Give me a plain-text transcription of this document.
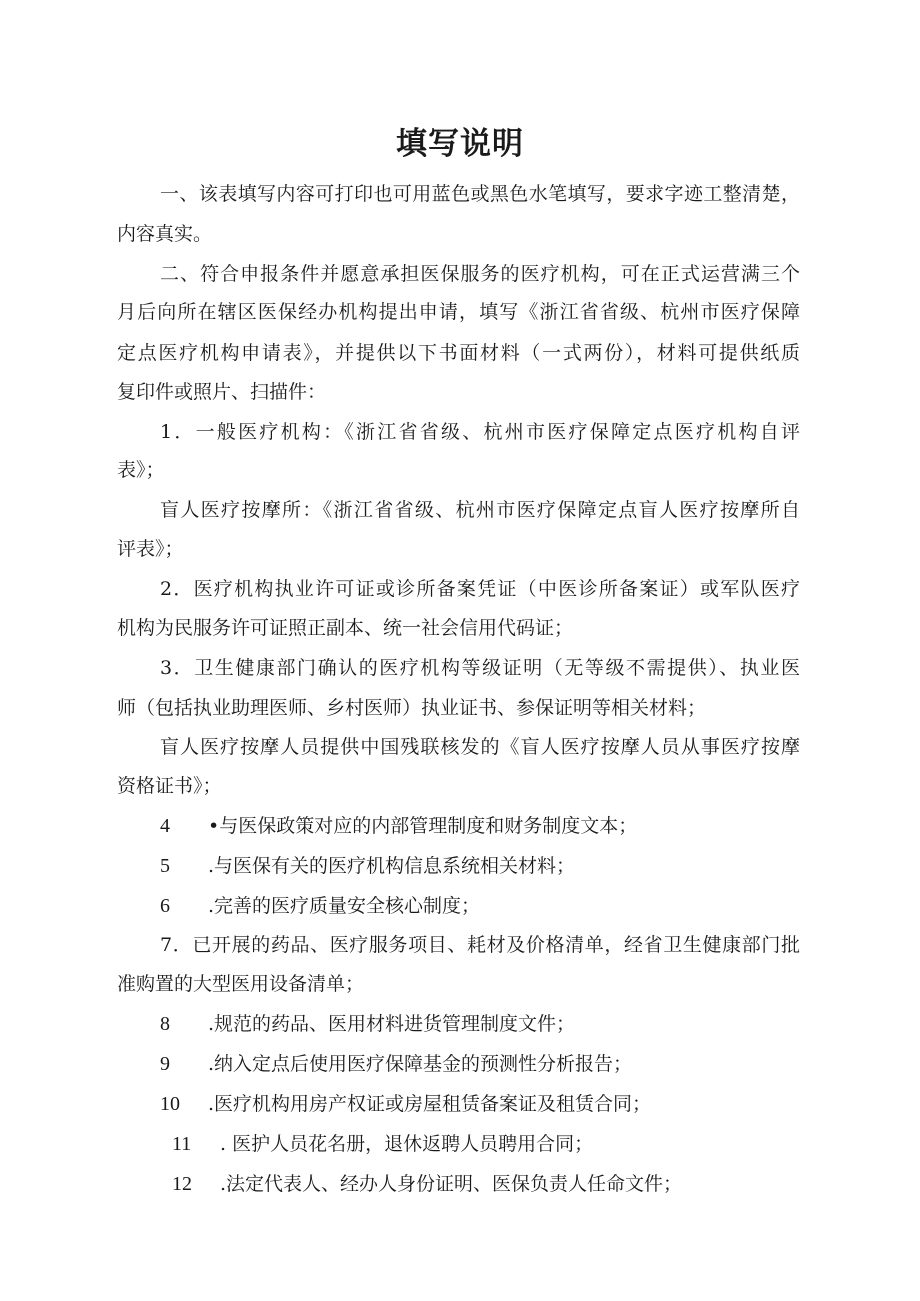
填写说明

一、该表填写内容可打印也可用蓝色或黑色水笔填写，要求字迹工整清楚，

内容真实。

二、符合申报条件并愿意承担医保服务的医疗机构，可在正式运营满三个

月后向所在辖区医保经办机构提出申请，填写《浙江省省级、杭州市医疗保障

定点医疗机构申请表》，并提供以下书面材料（一式两份），材料可提供纸质

复印件或照片、扫描件：

1．一般医疗机构：《浙江省省级、杭州市医疗保障定点医疗机构自评

表》；

盲人医疗按摩所：《浙江省省级、杭州市医疗保障定点盲人医疗按摩所自

评表》；

2．医疗机构执业许可证或诊所备案凭证（中医诊所备案证）或军队医疗

机构为民服务许可证照正副本、统一社会信用代码证；

3．卫生健康部门确认的医疗机构等级证明（无等级不需提供）、执业医

师（包括执业助理医师、乡村医师）执业证书、参保证明等相关材料；

盲人医疗按摩人员提供中国残联核发的《盲人医疗按摩人员从事医疗按摩

资格证书》；

4 •与医保政策对应的内部管理制度和财务制度文本；

5 .与医保有关的医疗机构信息系统相关材料；

6 .完善的医疗质量安全核心制度；

7．已开展的药品、医疗服务项目、耗材及价格清单，经省卫生健康部门批

准购置的大型医用设备清单；

8 .规范的药品、医用材料进货管理制度文件；

9 .纳入定点后使用医疗保障基金的预测性分析报告；

10 .医疗机构用房产权证或房屋租赁备案证及租赁合同；

11 . 医护人员花名册，退休返聘人员聘用合同；

12 .法定代表人、经办人身份证明、医保负责人任命文件；
